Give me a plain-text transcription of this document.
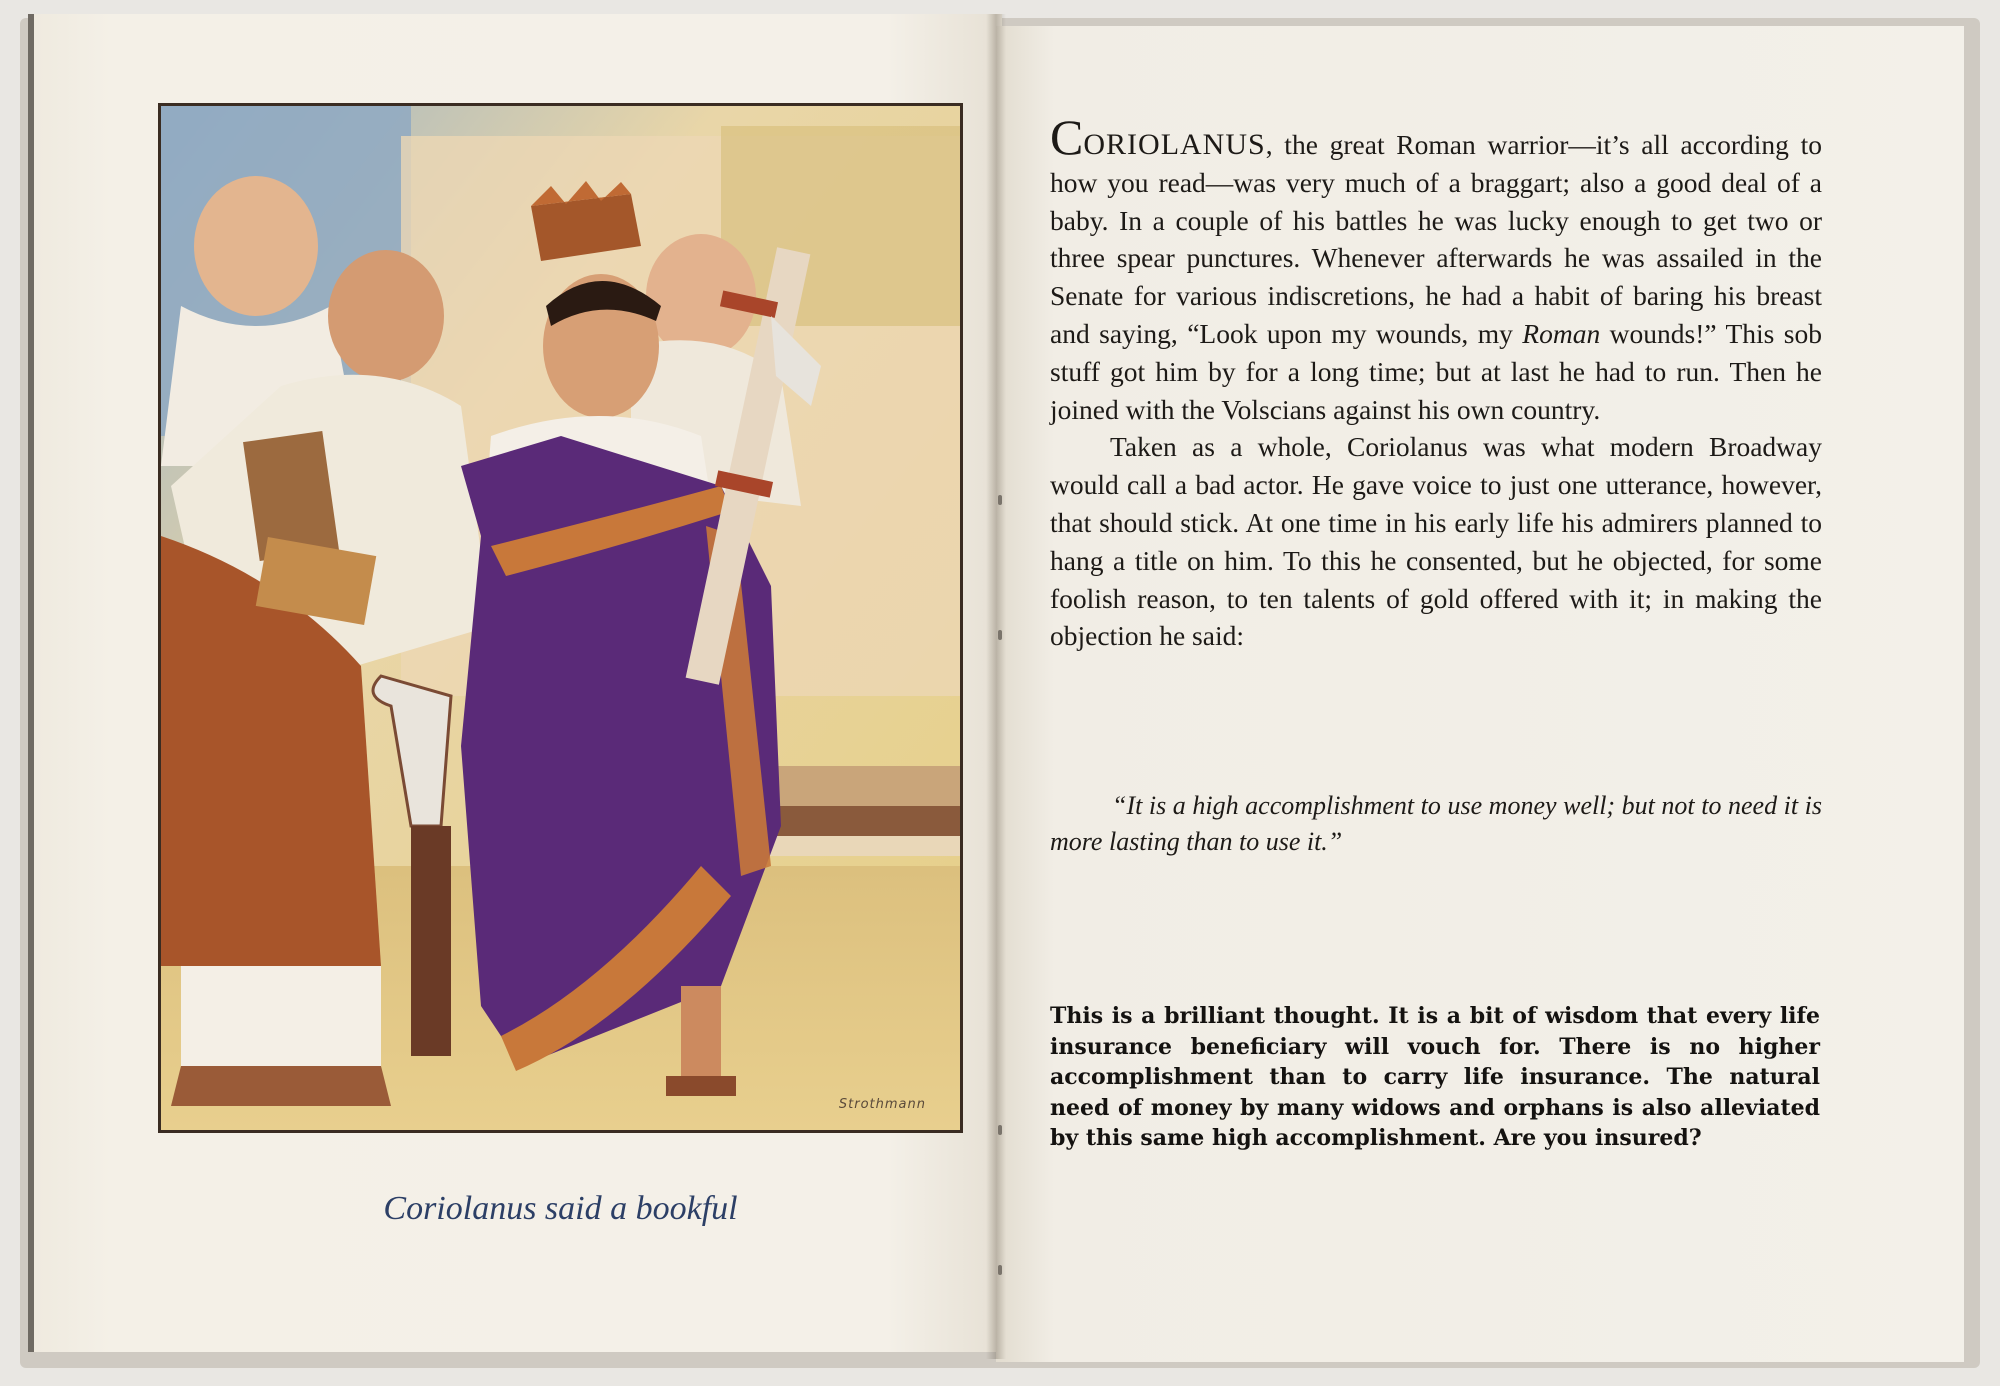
Strothmann
Coriolanus said a bookful

CORIOLANUS, the great Roman warrior—it’s all according to how you read—was very much of a braggart; also a good deal of a baby. In a couple of his battles he was lucky enough to get two or three spear punctures. Whenever afterwards he was assailed in the Senate for various indiscretions, he had a habit of baring his breast and saying, “Look upon my wounds, my Roman wounds!” This sob stuff got him by for a long time; but at last he had to run. Then he joined with the Volscians against his own country.

Taken as a whole, Coriolanus was what modern Broadway would call a bad actor. He gave voice to just one utterance, however, that should stick. At one time in his early life his admirers planned to hang a title on him. To this he consented, but he objected, for some foolish reason, to ten talents of gold offered with it; in making the objection he said:

“It is a high accomplishment to use money well; but not to need it is more lasting than to use it.”
This is a brilliant thought. It is a bit of wisdom that every life insurance beneficiary will vouch for. There is no higher accomplishment than to carry life insurance. The natural need of money by many widows and orphans is also alleviated by this same high accomplishment. Are you insured?
